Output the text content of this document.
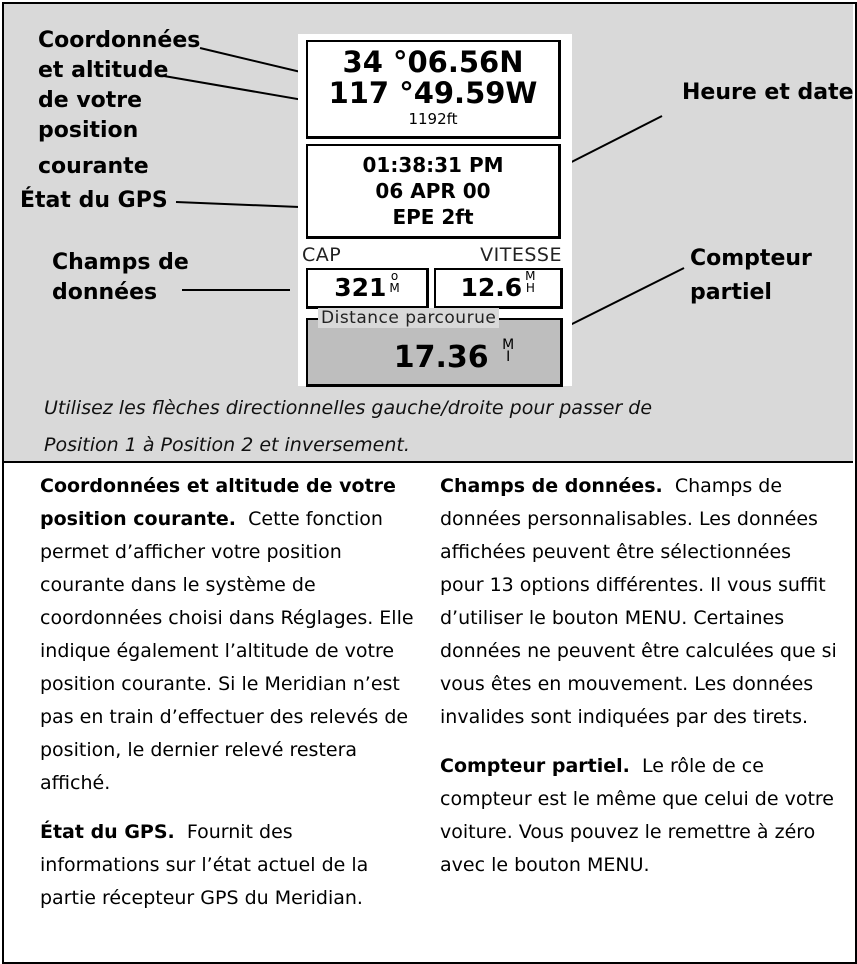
Coordonnées
et altitude
de votre
position
courante
État du GPS
Champs de
données
Heure et date
Compteur
partiel
34 °06.56N
117 °49.59W
1192ft
01:38:31 PM
06 APR 00
EPE 2ft
CAP	VITESSE
321 o
M	12.6 M
H
Distance parcourue
17.36 M
I
Utilisez les flèches directionnelles gauche/droite pour passer de
Position 1 à Position 2 et inversement.

Coordonnées et altitude de votre position courante. Cette fonction permet d’afficher votre position courante dans le système de coordonnées choisi dans Réglages. Elle indique également l’altitude de votre position courante. Si le Meridian n’est pas en train d’effectuer des relevés de position, le dernier relevé restera affiché.

État du GPS. Fournit des informations sur l’état actuel de la partie récepteur GPS du Meridian.

Champs de données. Champs de données personnalisables. Les données affichées peuvent être sélectionnées pour 13 options différentes. Il vous suffit d’utiliser le bouton MENU. Certaines données ne peuvent être calculées que si vous êtes en mouvement. Les données invalides sont indiquées par des tirets.

Compteur partiel. Le rôle de ce compteur est le même que celui de votre voiture. Vous pouvez le remettre à zéro avec le bouton MENU.
